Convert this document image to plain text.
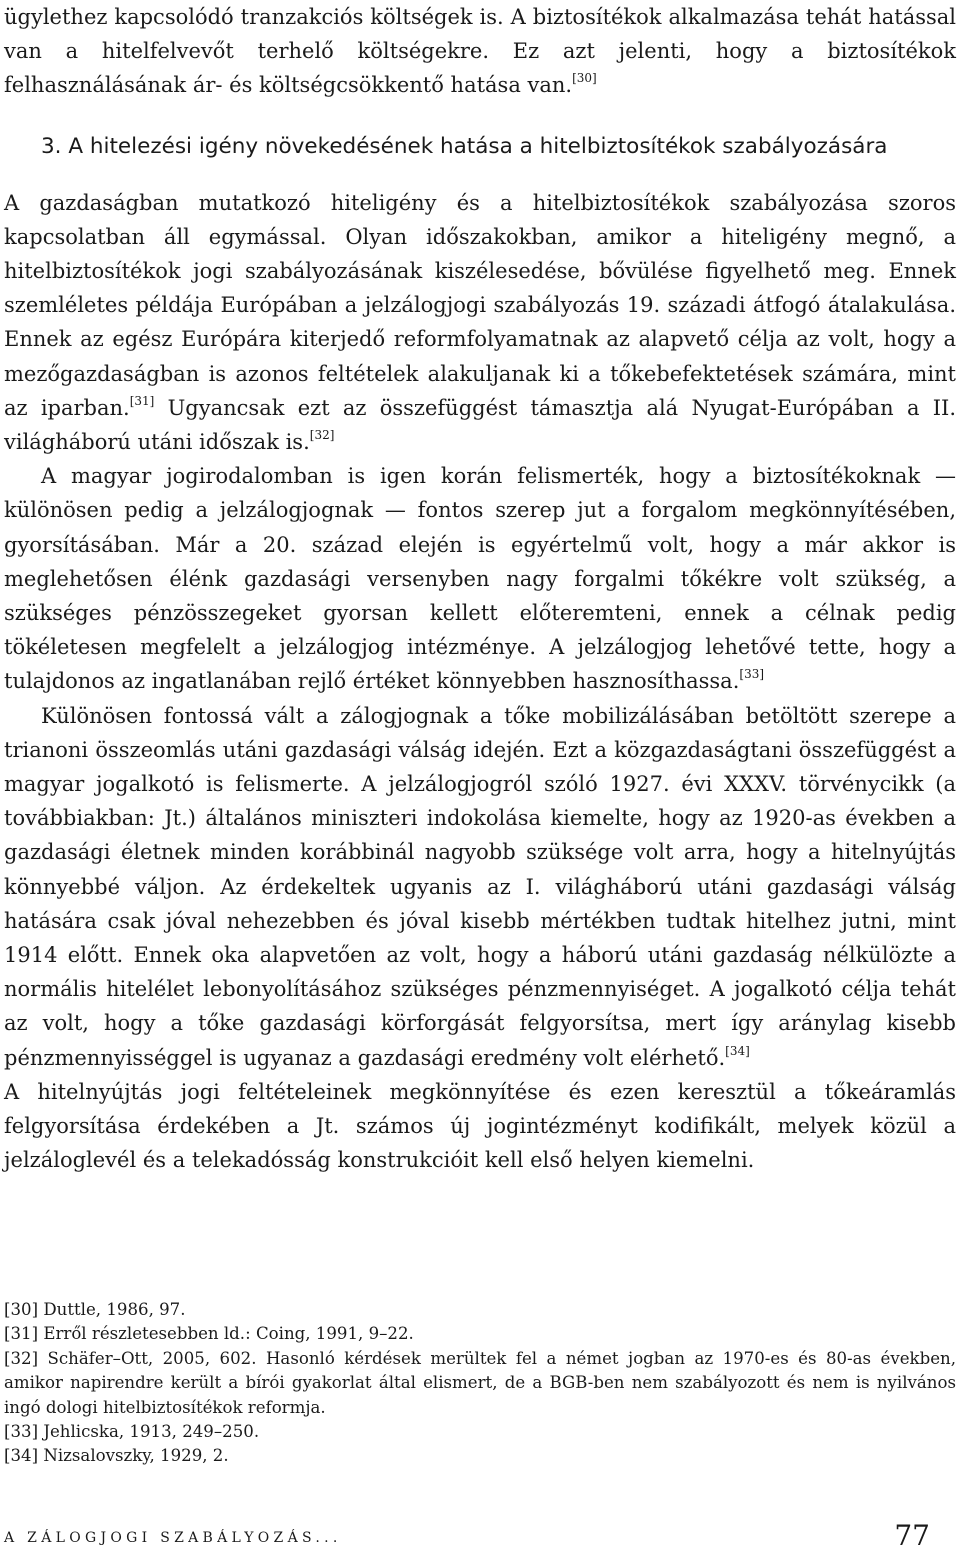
ügylethez kapcsolódó tranzakciós költségek is. A biztosítékok alkalmazása tehát hatással van a hitelfelvevőt terhelő költségekre. Ez azt jelenti, hogy a biztosítékok felhasználásának ár- és költségcsökkentő hatása van.[30]

3. A hitelezési igény növekedésének hatása a hitelbiztosítékok szabályozására

A gazdaságban mutatkozó hiteligény és a hitelbiztosítékok szabályozása szoros kapcsolatban áll egymással. Olyan időszakokban, amikor a hiteligény megnő, a hitelbiztosítékok jogi szabályozásának kiszélesedése, bővülése figyelhető meg. Ennek szemléletes példája Európában a jelzálogjogi szabályozás 19. századi átfogó átalakulása. Ennek az egész Európára kiterjedő reformfolyamatnak az alapvető célja az volt, hogy a mezőgazdaságban is azonos feltételek alakuljanak ki a tőkebefektetések számára, mint az iparban.[31] Ugyancsak ezt az összefüggést támasztja alá Nyugat-Európában a II. világháború utáni időszak is.[32]

A magyar jogirodalomban is igen korán felismerték, hogy a biztosítékoknak — különösen pedig a jelzálogjognak — fontos szerep jut a forgalom megkönnyítésében, gyorsításában. Már a 20. század elején is egyértelmű volt, hogy a már akkor is meglehetősen élénk gazdasági versenyben nagy forgalmi tőkékre volt szükség, a szükséges pénzösszegeket gyorsan kellett előteremteni, ennek a célnak pedig tökéletesen megfelelt a jelzálogjog intézménye. A jelzálogjog lehetővé tette, hogy a tulajdonos az ingatlanában rejlő értéket könnyebben hasznosíthassa.[33]

Különösen fontossá vált a zálogjognak a tőke mobilizálásában betöltött szerepe a trianoni összeomlás utáni gazdasági válság idején. Ezt a közgazdaságtani összefüggést a magyar jogalkotó is felismerte. A jelzálogjogról szóló 1927. évi XXXV. törvénycikk (a továbbiakban: Jt.) általános miniszteri indokolása kiemelte, hogy az 1920-as években a gazdasági életnek minden korábbinál nagyobb szüksége volt arra, hogy a hitelnyújtás könnyebbé váljon. Az érdekeltek ugyanis az I. világháború utáni gazdasági válság hatására csak jóval nehezebben és jóval kisebb mértékben tudtak hitelhez jutni, mint 1914 előtt. Ennek oka alapvetően az volt, hogy a háború utáni gazdaság nélkülözte a normális hitelélet lebonyolításához szükséges pénzmennyiséget. A jogalkotó célja tehát az volt, hogy a tőke gazdasági körforgását felgyorsítsa, mert így aránylag kisebb pénzmennyisséggel is ugyanaz a gazdasági eredmény volt elérhető.[34]

A hitelnyújtás jogi feltételeinek megkönnyítése és ezen keresztül a tőkeáramlás felgyorsítása érdekében a Jt. számos új jogintézményt kodifikált, melyek közül a jelzáloglevél és a telekadósság konstrukcióit kell első helyen kiemelni.

[30] Duttle, 1986, 97.

[31] Erről részletesebben ld.: Coing, 1991, 9–22.

[32] Schäfer–Ott, 2005, 602. Hasonló kérdések merültek fel a német jogban az 1970-es és 80-as években, amikor napirendre került a bírói gyakorlat által elismert, de a BGB-ben nem szabályozott és nem is nyilvános ingó dologi hitelbiztosítékok reformja.

[33] Jehlicska, 1913, 249–250.

[34] Nizsalovszky, 1929, 2.

A ZÁLOGJOGI SZABÁLYOZÁS...	77
